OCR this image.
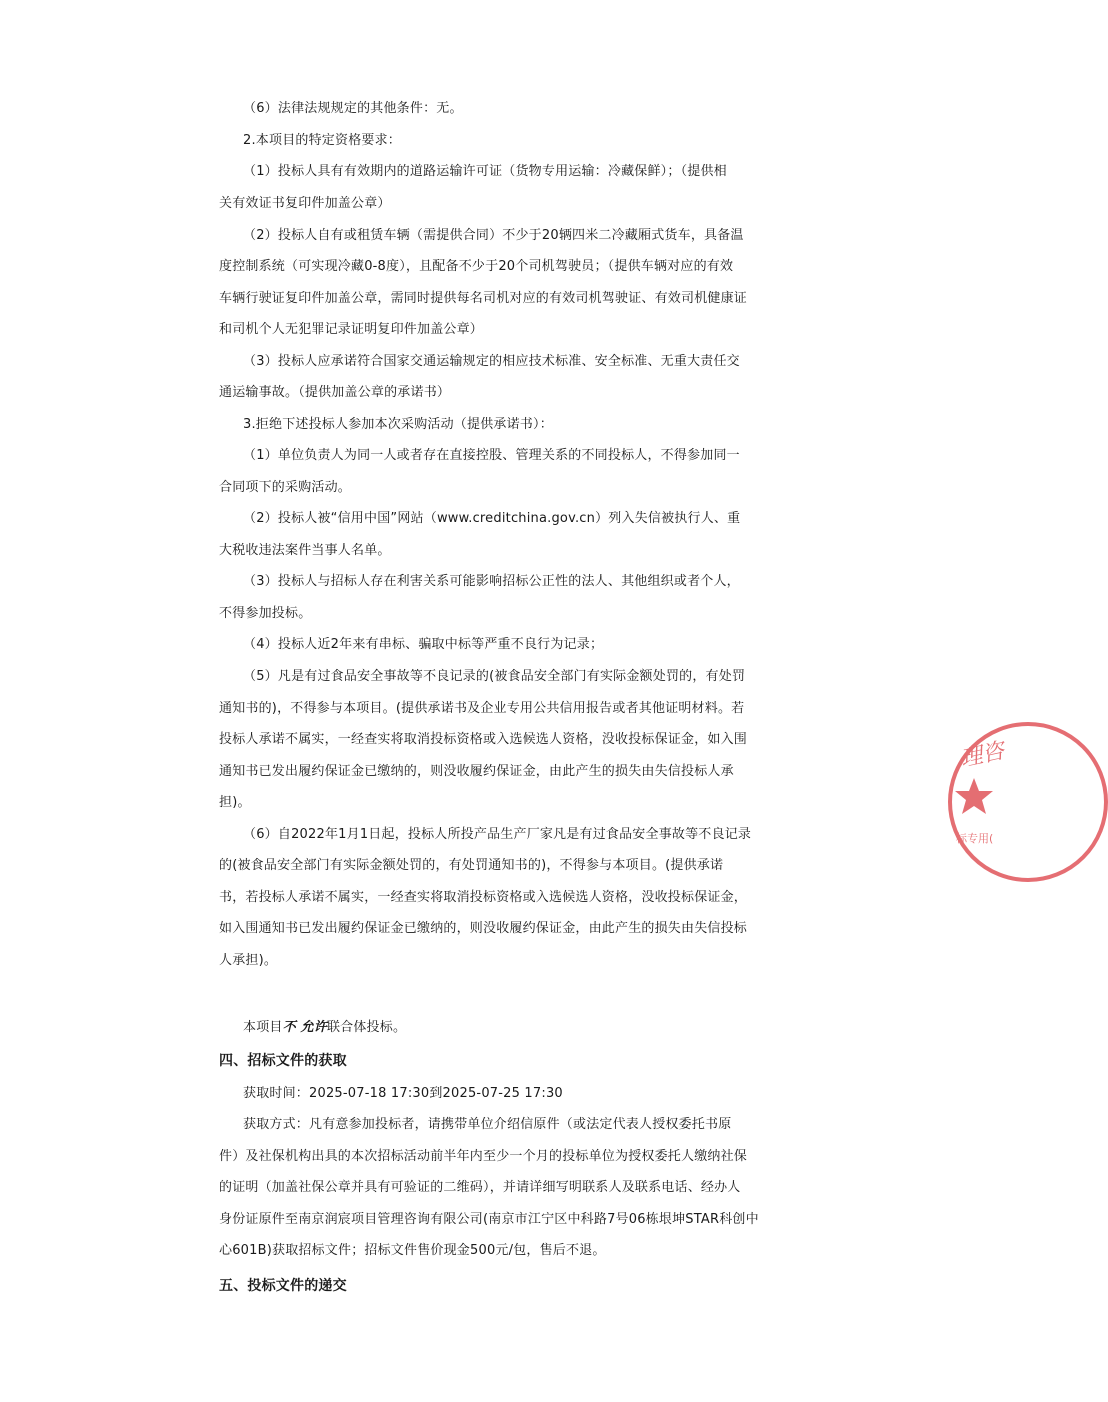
（6）法律法规规定的其他条件：无。
2.本项目的特定资格要求：
（1）投标人具有有效期内的道路运输许可证（货物专用运输：冷藏保鲜）；（提供相
关有效证书复印件加盖公章）
（2）投标人自有或租赁车辆（需提供合同）不少于20辆四米二冷藏厢式货车，具备温
度控制系统（可实现冷藏0-8度），且配备不少于20个司机驾驶员；（提供车辆对应的有效
车辆行驶证复印件加盖公章，需同时提供每名司机对应的有效司机驾驶证、有效司机健康证
和司机个人无犯罪记录证明复印件加盖公章）
（3）投标人应承诺符合国家交通运输规定的相应技术标准、安全标准、无重大责任交
通运输事故。（提供加盖公章的承诺书）
3.拒绝下述投标人参加本次采购活动（提供承诺书）：
（1）单位负责人为同一人或者存在直接控股、管理关系的不同投标人，不得参加同一
合同项下的采购活动。
（2）投标人被“信用中国”网站（www.creditchina.gov.cn）列入失信被执行人、重
大税收违法案件当事人名单。
（3）投标人与招标人存在利害关系可能影响招标公正性的法人、其他组织或者个人，
不得参加投标。
（4）投标人近2年来有串标、骗取中标等严重不良行为记录；
（5）凡是有过食品安全事故等不良记录的(被食品安全部门有实际金额处罚的，有处罚
通知书的)，不得参与本项目。(提供承诺书及企业专用公共信用报告或者其他证明材料。若
投标人承诺不属实，一经查实将取消投标资格或入选候选人资格，没收投标保证金，如入围
通知书已发出履约保证金已缴纳的，则没收履约保证金，由此产生的损失由失信投标人承
担)。
（6）自2022年1月1日起，投标人所投产品生产厂家凡是有过食品安全事故等不良记录
的(被食品安全部门有实际金额处罚的，有处罚通知书的)，不得参与本项目。(提供承诺
书，若投标人承诺不属实，一经查实将取消投标资格或入选候选人资格，没收投标保证金，
如入围通知书已发出履约保证金已缴纳的，则没收履约保证金，由此产生的损失由失信投标
人承担)。
本项目不 允许联合体投标。
四、招标文件的获取
获取时间：2025-07-18 17:30到2025-07-25 17:30
获取方式：凡有意参加投标者，请携带单位介绍信原件（或法定代表人授权委托书原
件）及社保机构出具的本次招标活动前半年内至少一个月的投标单位为授权委托人缴纳社保
的证明（加盖社保公章并具有可验证的二维码），并请详细写明联系人及联系电话、经办人
身份证原件至南京润宸项目管理咨询有限公司(南京市江宁区中科路7号06栋垠坤STAR科创中
心601B)获取招标文件；招标文件售价现金500元/包，售后不退。
五、投标文件的递交
理咨
标专用(
